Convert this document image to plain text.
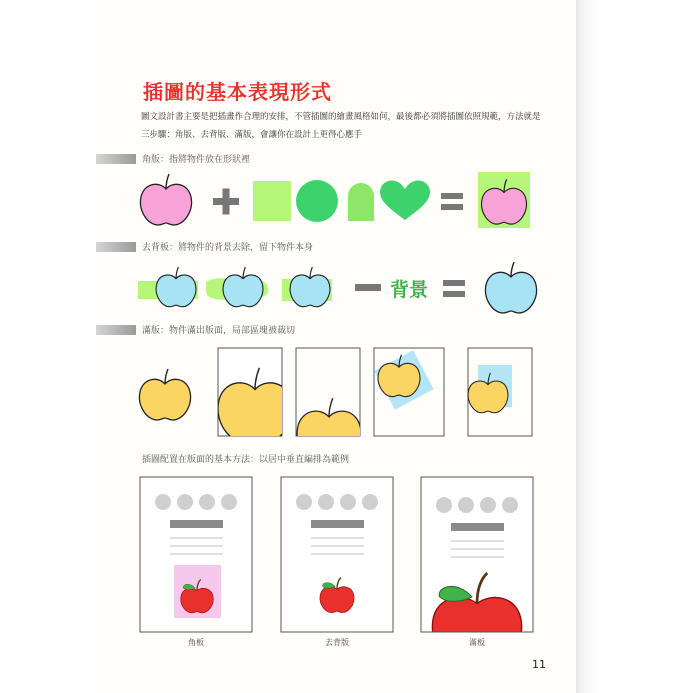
插圖的基本表現形式
圖文設計書主要是把插畫作合理的安排，不管插圖的繪畫風格如何，最後都必須將插圖依照規範，方法就是三步驟：角版、去背版、滿版，會讓你在設計上更得心應手
角版：指將物件放在形狀裡
去背板：將物件的背景去除，留下物件本身
滿版：物件滿出版面，局部區塊被裁切
插圖配置在版面的基本方法：以居中垂直編排為範例
背景
角板	去背版	滿板
11
